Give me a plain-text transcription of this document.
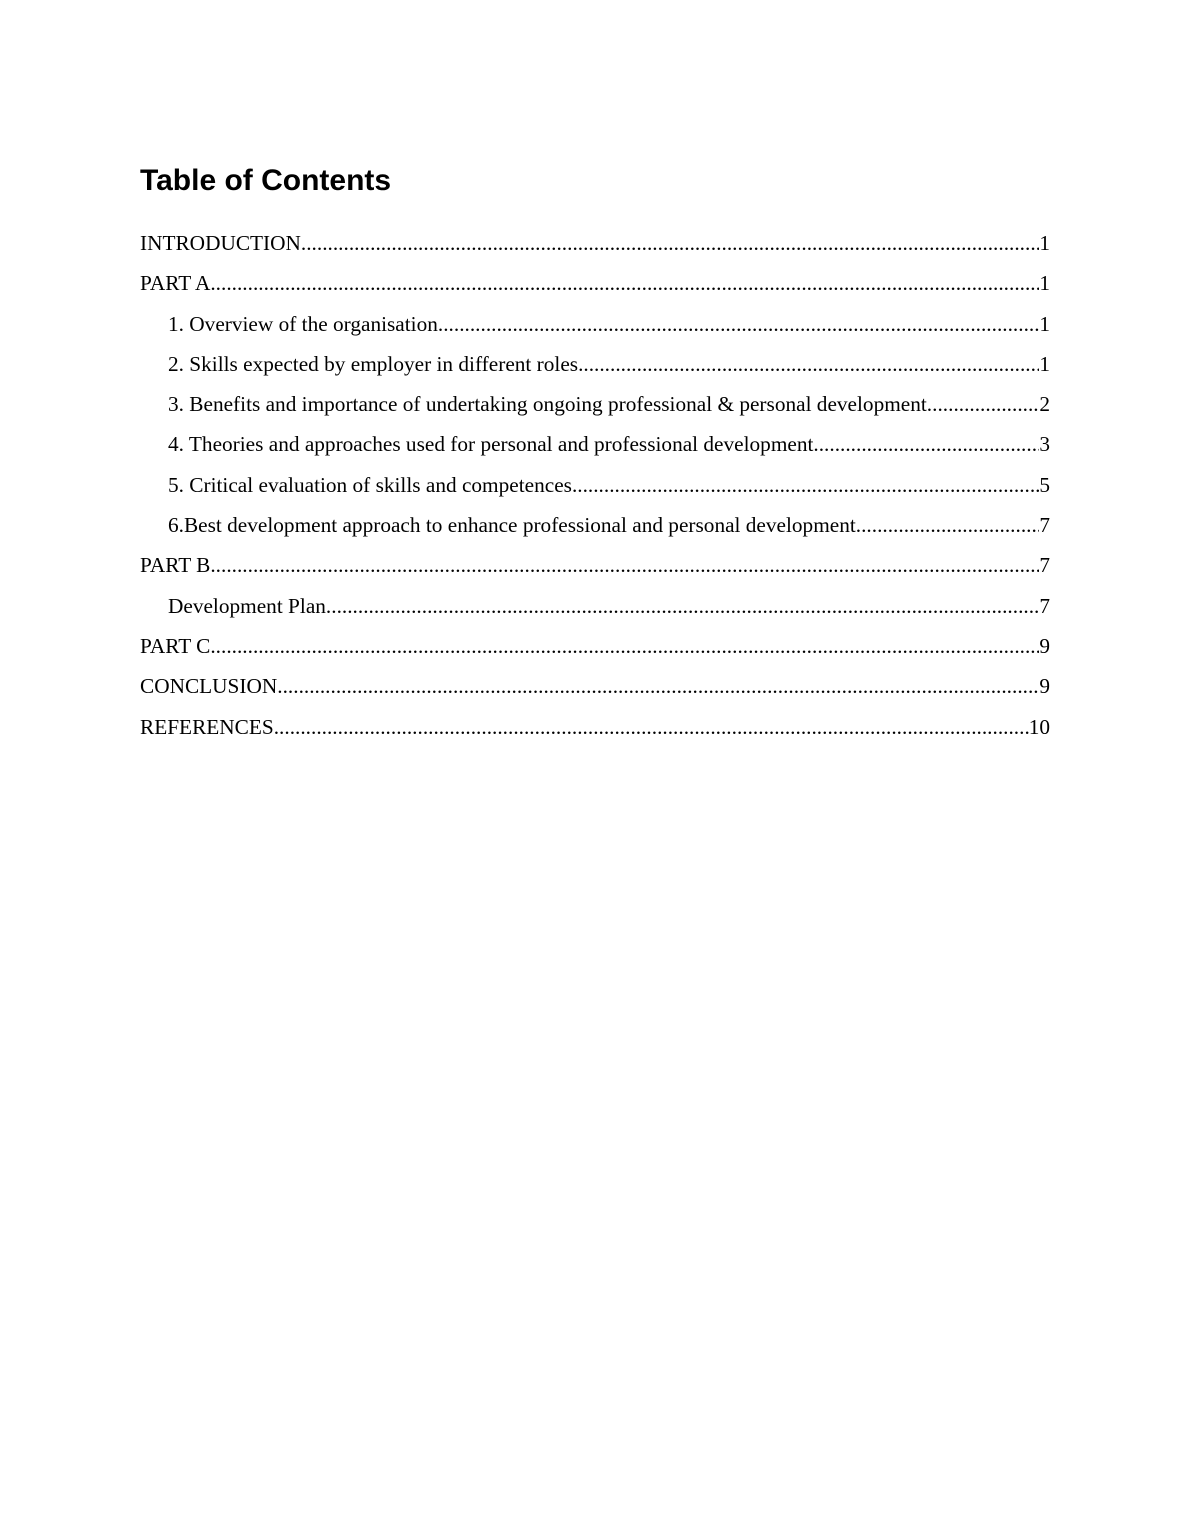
Table of Contents
INTRODUCTION .....	1
PART A .....	1
1. Overview of the organisation .....	1
2. Skills expected by employer in different roles .....	1
3. Benefits and importance of undertaking ongoing professional & personal development. .....	2
4. Theories and approaches used for personal and professional development .....	3
5. Critical evaluation of skills and competences .....	5
6.Best development approach to enhance professional and personal development .....	7
PART B .....	7
Development Plan .....	7
PART C .....	9
CONCLUSION .....	9
REFERENCES .....	10
